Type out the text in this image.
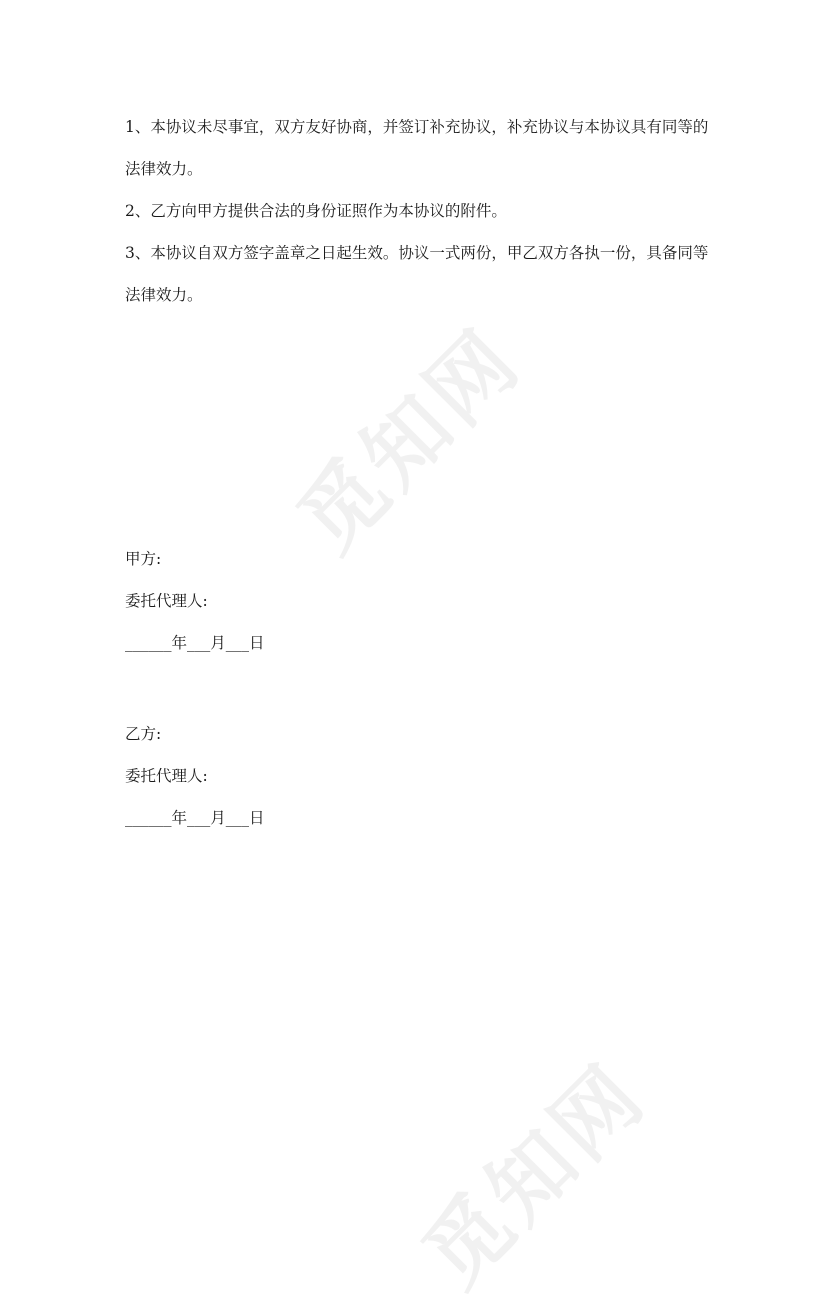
觅知网
觅知网

1、本协议未尽事宜，双方友好协商，并签订补充协议，补充协议与本协议具有同等的法律效力。

2、乙方向甲方提供合法的身份证照作为本协议的附件。

3、本协议自双方签字盖章之日起生效。协议一式两份，甲乙双方各执一份，具备同等法律效力。

甲方:

委托代理人:

______年___月___日

乙方:

委托代理人:

______年___月___日
